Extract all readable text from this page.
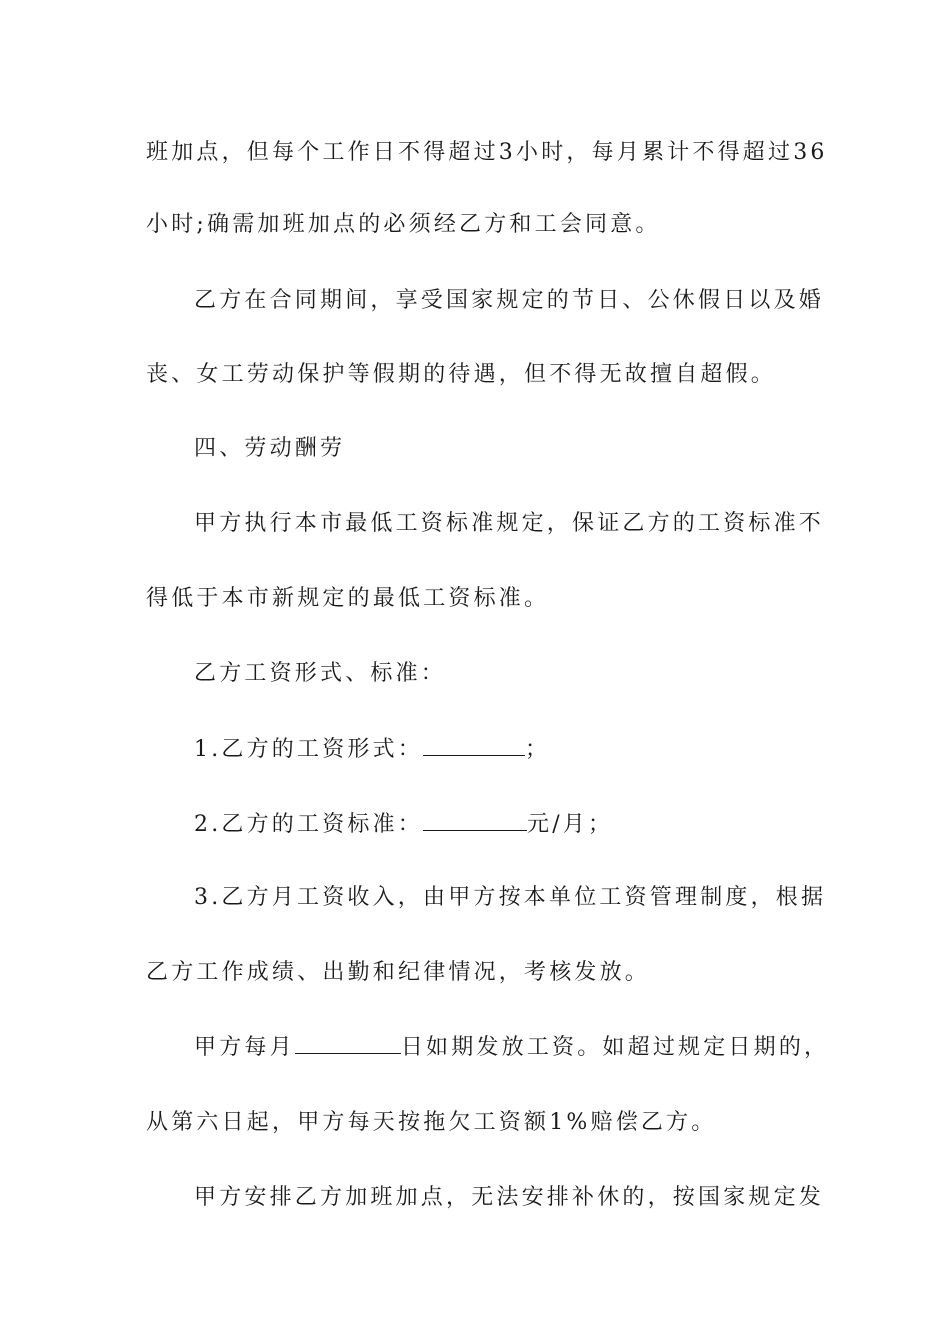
班加点，但每个工作日不得超过3小时，每月累计不得超过36
小时;确需加班加点的必须经乙方和工会同意。
乙方在合同期间，享受国家规定的节日、公休假日以及婚
丧、女工劳动保护等假期的待遇，但不得无故擅自超假。
四、劳动酬劳
甲方执行本市最低工资标准规定，保证乙方的工资标准不
得低于本市新规定的最低工资标准。
乙方工资形式、标准：
1.乙方的工资形式：	；
2.乙方的工资标准：	元/月；
3.乙方月工资收入，由甲方按本单位工资管理制度，根据
乙方工作成绩、出勤和纪律情况，考核发放。
甲方每月	日如期发放工资。如超过规定日期的，
从第六日起，甲方每天按拖欠工资额1%赔偿乙方。
甲方安排乙方加班加点，无法安排补休的，按国家规定发
